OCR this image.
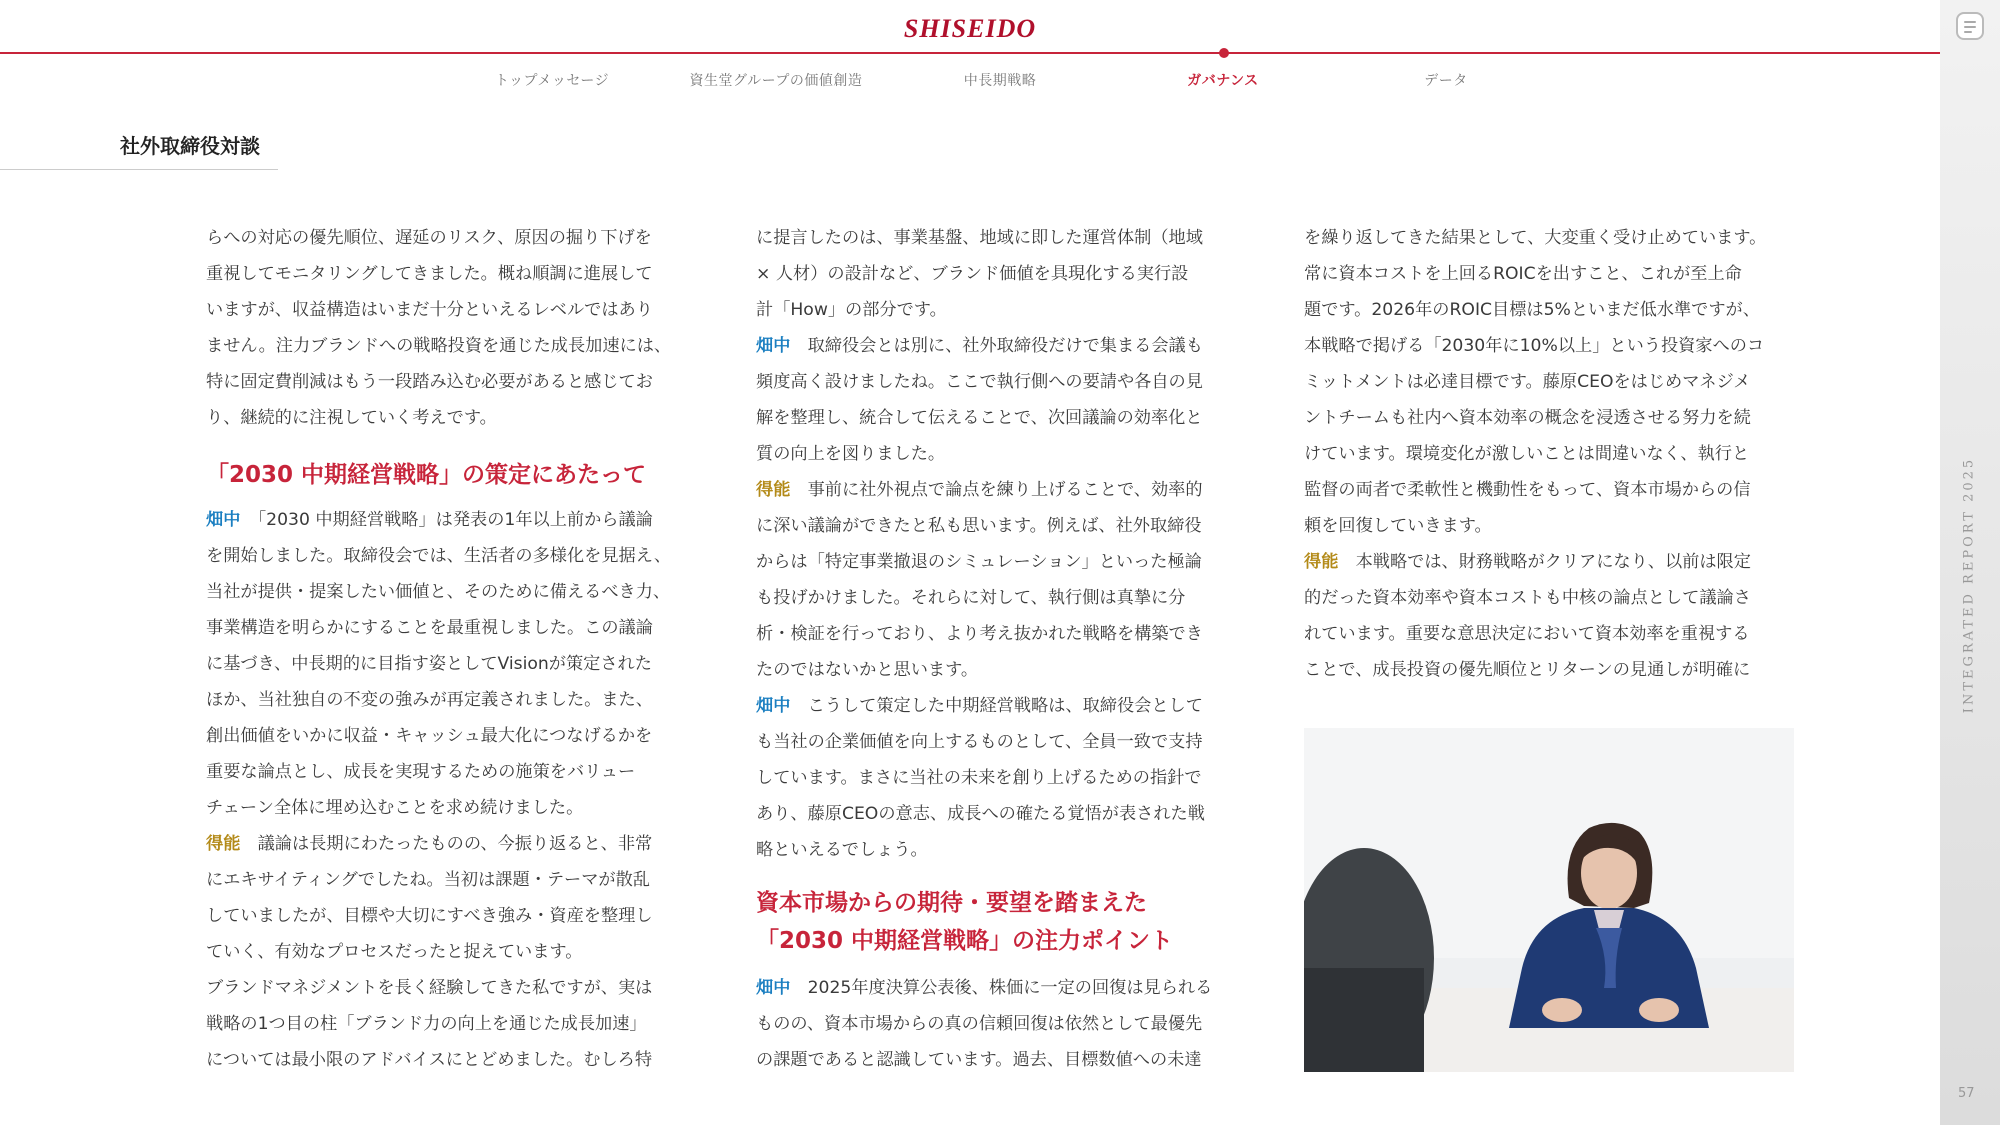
SHISEIDO
トップメッセージ	資生堂グループの価値創造	中長期戦略	ガバナンス	データ
INTEGRATED REPORT 2025
57
社外取締役対談

らへの対応の優先順位、遅延のリスク、原因の掘り下げを
重視してモニタリングしてきました。概ね順調に進展して
いますが、収益構造はいまだ十分といえるレベルではあり
ません。注力ブランドへの戦略投資を通じた成長加速には、
特に固定費削減はもう一段踏み込む必要があると感じてお
り、継続的に注視していく考えです。

「2030 中期経営戦略」の策定にあたって

畑中　「2030 中期経営戦略」は発表の1年以上前から議論
を開始しました。取締役会では、生活者の多様化を見据え、
当社が提供・提案したい価値と、そのために備えるべき力、
事業構造を明らかにすることを最重視しました。この議論
に基づき、中長期的に目指す姿としてVisionが策定された
ほか、当社独自の不変の強みが再定義されました。また、
創出価値をいかに収益・キャッシュ最大化につなげるかを
重要な論点とし、成長を実現するための施策をバリュー
チェーン全体に埋め込むことを求め続けました。

得能　議論は長期にわたったものの、今振り返ると、非常
にエキサイティングでしたね。当初は課題・テーマが散乱
していましたが、目標や大切にすべき強み・資産を整理し
ていく、有効なプロセスだったと捉えています。
ブランドマネジメントを長く経験してきた私ですが、実は
戦略の1つ目の柱「ブランド力の向上を通じた成長加速」
については最小限のアドバイスにとどめました。むしろ特

に提言したのは、事業基盤、地域に即した運営体制（地域
× 人材）の設計など、ブランド価値を具現化する実行設
計「How」の部分です。

畑中　取締役会とは別に、社外取締役だけで集まる会議も
頻度高く設けましたね。ここで執行側への要請や各自の見
解を整理し、統合して伝えることで、次回議論の効率化と
質の向上を図りました。

得能　事前に社外視点で論点を練り上げることで、効率的
に深い議論ができたと私も思います。例えば、社外取締役
からは「特定事業撤退のシミュレーション」といった極論
も投げかけました。それらに対して、執行側は真摯に分
析・検証を行っており、より考え抜かれた戦略を構築でき
たのではないかと思います。

畑中　こうして策定した中期経営戦略は、取締役会として
も当社の企業価値を向上するものとして、全員一致で支持
しています。まさに当社の未来を創り上げるための指針で
あり、藤原CEOの意志、成長への確たる覚悟が表された戦
略といえるでしょう。

資本市場からの期待・要望を踏まえた
「2030 中期経営戦略」の注力ポイント

畑中　2025年度決算公表後、株価に一定の回復は見られる
ものの、資本市場からの真の信頼回復は依然として最優先
の課題であると認識しています。過去、目標数値への未達

を繰り返してきた結果として、大変重く受け止めています。
常に資本コストを上回るROICを出すこと、これが至上命
題です。2026年のROIC目標は5%といまだ低水準ですが、
本戦略で掲げる「2030年に10%以上」という投資家へのコ
ミットメントは必達目標です。藤原CEOをはじめマネジメ
ントチームも社内へ資本効率の概念を浸透させる努力を続
けています。環境変化が激しいことは間違いなく、執行と
監督の両者で柔軟性と機動性をもって、資本市場からの信
頼を回復していきます。

得能　本戦略では、財務戦略がクリアになり、以前は限定
的だった資本効率や資本コストも中核の論点として議論さ
れています。重要な意思決定において資本効率を重視する
ことで、成長投資の優先順位とリターンの見通しが明確に
